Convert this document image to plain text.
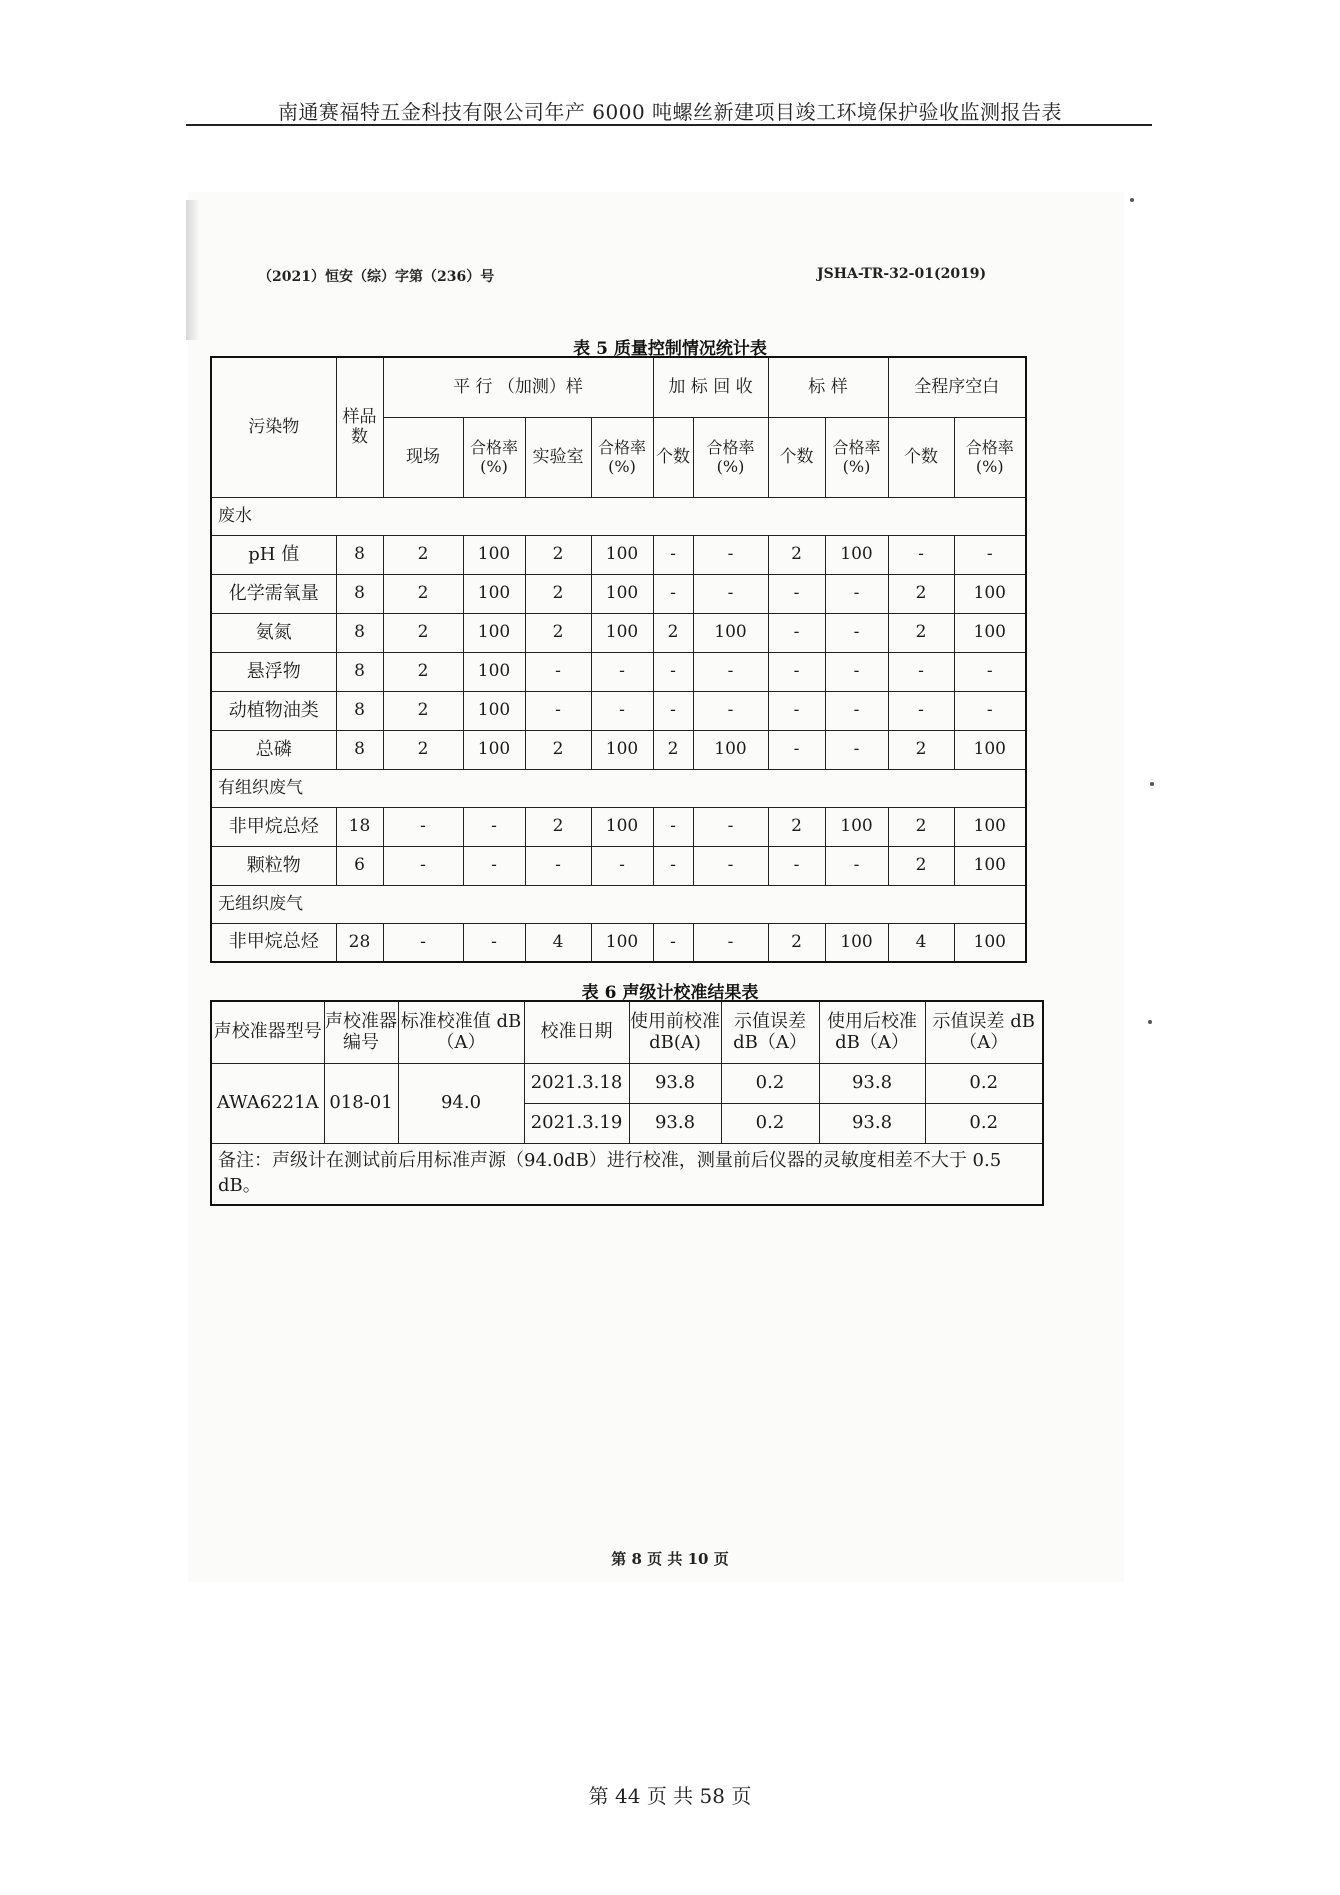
南通赛福特五金科技有限公司年产 6000 吨螺丝新建项目竣工环境保护验收监测报告表
（2021）恒安（综）字第（236）号	JSHA-TR-32-01(2019)
表 5 质量控制情况统计表
污染物	样品数	平 行 （加测）样				加 标 回 收		标 样		全程序空白	
		现场	合格率(%)	实验室	合格率(%)	个数	合格率(%)	个数	合格率(%)	个数	合格率(%)
废水											
pH 值	8	2	100	2	100	-	-	2	100	-	-
化学需氧量	8	2	100	2	100	-	-	-	-	2	100
氨氮	8	2	100	2	100	2	100	-	-	2	100
悬浮物	8	2	100	-	-	-	-	-	-	-	-
动植物油类	8	2	100	-	-	-	-	-	-	-	-
总磷	8	2	100	2	100	2	100	-	-	2	100
有组织废气											
非甲烷总烃	18	-	-	2	100	-	-	2	100	2	100
颗粒物	6	-	-	-	-	-	-	-	-	2	100
无组织废气											
非甲烷总烃	28	-	-	4	100	-	-	2	100	4	100
表 6 声级计校准结果表
声校准器型号	声校准器编号	标准校准值 dB（A）	校准日期	使用前校准 dB(A)	示值误差 dB（A）	使用后校准 dB（A）	示值误差 dB（A）
AWA6221A	018-01	94.0	2021.3.18	93.8	0.2	93.8	0.2
			2021.3.19	93.8	0.2	93.8	0.2
备注：声级计在测试前后用标准声源（94.0dB）进行校准，测量前后仪器的灵敏度相差不大于 0.5 dB。							
第 8 页 共 10 页
第 44 页 共 58 页
